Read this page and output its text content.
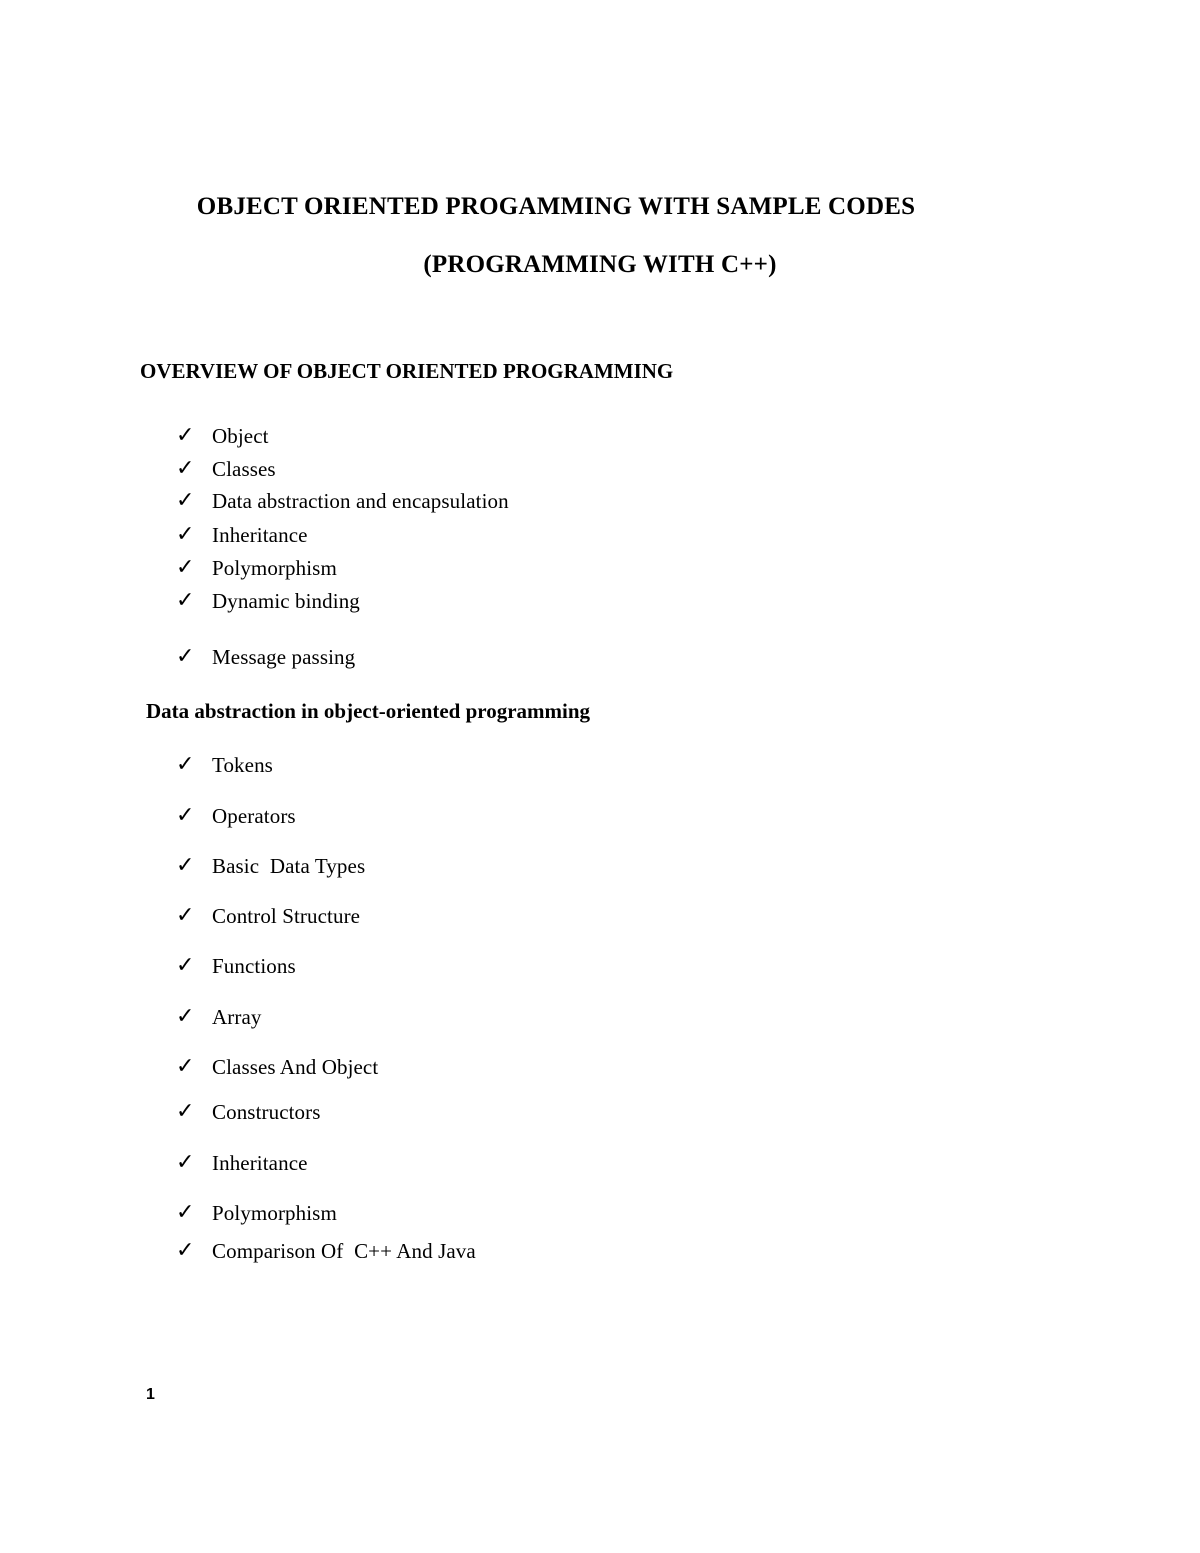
OBJECT ORIENTED PROGAMMING WITH SAMPLE CODES
(PROGRAMMING WITH C++)
OVERVIEW OF OBJECT ORIENTED PROGRAMMING
✓ Object
✓ Classes
✓ Data abstraction and encapsulation
✓ Inheritance
✓ Polymorphism
✓ Dynamic binding
✓ Message passing
Data abstraction in object-oriented programming
✓ Tokens
✓ Operators
✓ Basic  Data Types
✓ Control Structure
✓ Functions
✓ Array
✓ Classes And Object
✓ Constructors
✓ Inheritance
✓ Polymorphism
✓ Comparison Of  C++ And Java
1
